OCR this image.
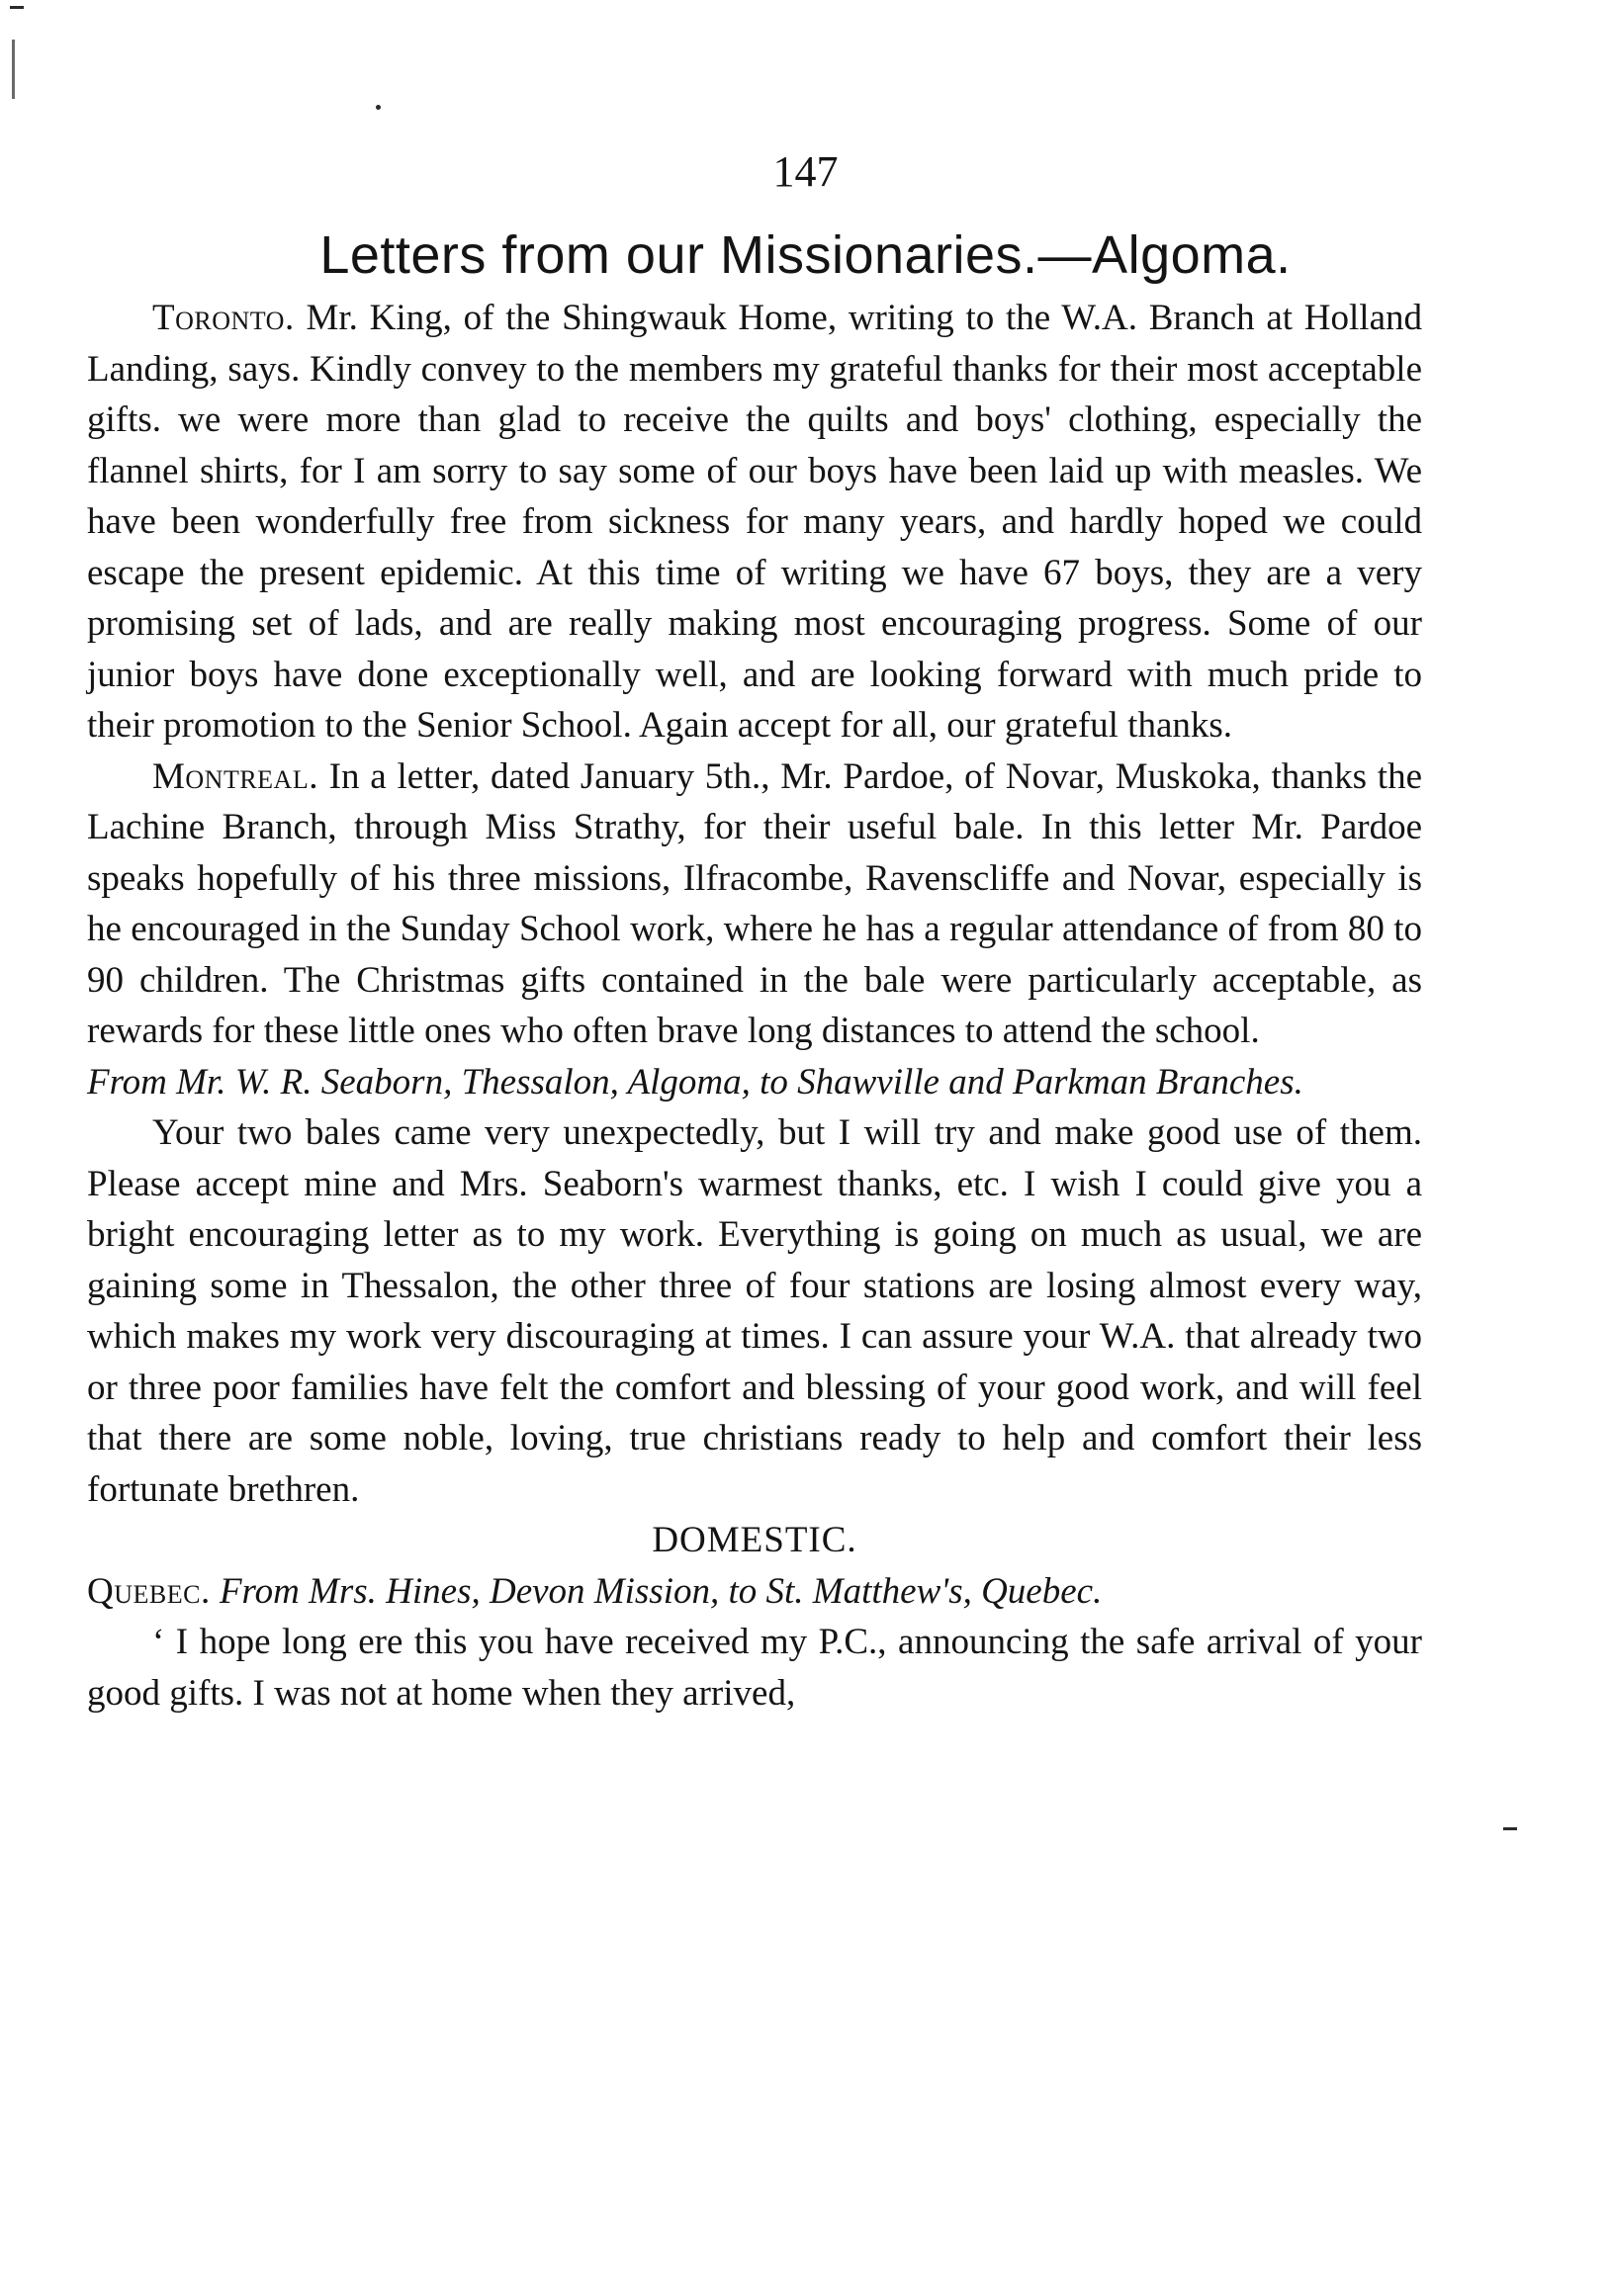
147
Letters from our Missionaries.—Algoma.

Toronto. Mr. King, of the Shingwauk Home, writing to the W.A. Branch at Holland Landing, says. Kindly convey to the members my grateful thanks for their most acceptable gifts. we were more than glad to receive the quilts and boys' clothing, especially the flannel shirts, for I am sorry to say some of our boys have been laid up with measles. We have been wonderfully free from sickness for many years, and hardly hoped we could escape the present epidemic. At this time of writing we have 67 boys, they are a very promising set of lads, and are really making most encouraging progress. Some of our junior boys have done exceptionally well, and are looking forward with much pride to their promotion to the Senior School. Again accept for all, our grateful thanks.

Montreal. In a letter, dated January 5th., Mr. Pardoe, of Novar, Muskoka, thanks the Lachine Branch, through Miss Strathy, for their useful bale. In this letter Mr. Pardoe speaks hopefully of his three missions, Ilfracombe, Ravenscliffe and Novar, especially is he encouraged in the Sunday School work, where he has a regular attendance of from 80 to 90 children. The Christmas gifts contained in the bale were particularly acceptable, as rewards for these little ones who often brave long distances to attend the school.

From Mr. W. R. Seaborn, Thessalon, Algoma, to Shawville and Parkman Branches.

Your two bales came very unexpectedly, but I will try and make good use of them. Please accept mine and Mrs. Seaborn's warmest thanks, etc. I wish I could give you a bright encouraging letter as to my work. Everything is going on much as usual, we are gaining some in Thessalon, the other three of four stations are losing almost every way, which makes my work very discouraging at times. I can assure your W.A. that already two or three poor families have felt the comfort and blessing of your good work, and will feel that there are some noble, loving, true christians ready to help and comfort their less fortunate brethren.

DOMESTIC.

Quebec. From Mrs. Hines, Devon Mission, to St. Matthew's, Quebec.

‘ I hope long ere this you have received my P.C., announcing the safe arrival of your good gifts. I was not at home when they arrived,
